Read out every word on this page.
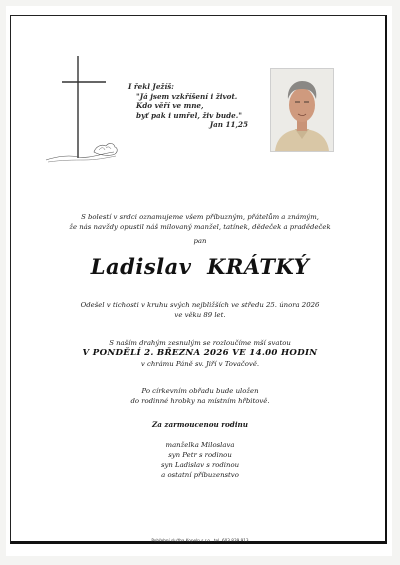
I řekl Ježíš:
"Já jsem vzkříšení i život.
Kdo věří ve mne,
byť pak i umřel, živ bude."
Jan 11,25
S bolestí v srdci oznamujeme všem příbuzným, přátelům a známým,
že nás navždy opustil náš milovaný manžel, tatínek, dědeček a pradědeček
pan
Ladislav KRÁTKÝ
Odešel v tichosti v kruhu svých nejbližších ve středu 25. února 2026
ve věku 89 let.
S naším drahým zesnulým se rozloučíme mší svatou
V PONDĚLÍ 2. BŘEZNA 2026 VE 14.00 HODIN
v chrámu Páně sv. Jiří v Tovačově.
Po církevním obřadu bude uložen
do rodinné hrobky na místním hřbitově.
Za zarmoucenou rodinu
manželka Miloslava
syn Petr s rodinou
syn Ladislav s rodinou
a ostatní příbuzenstvo
Pohřební služba Kopeln s.r.o., tel. 603 839 913
